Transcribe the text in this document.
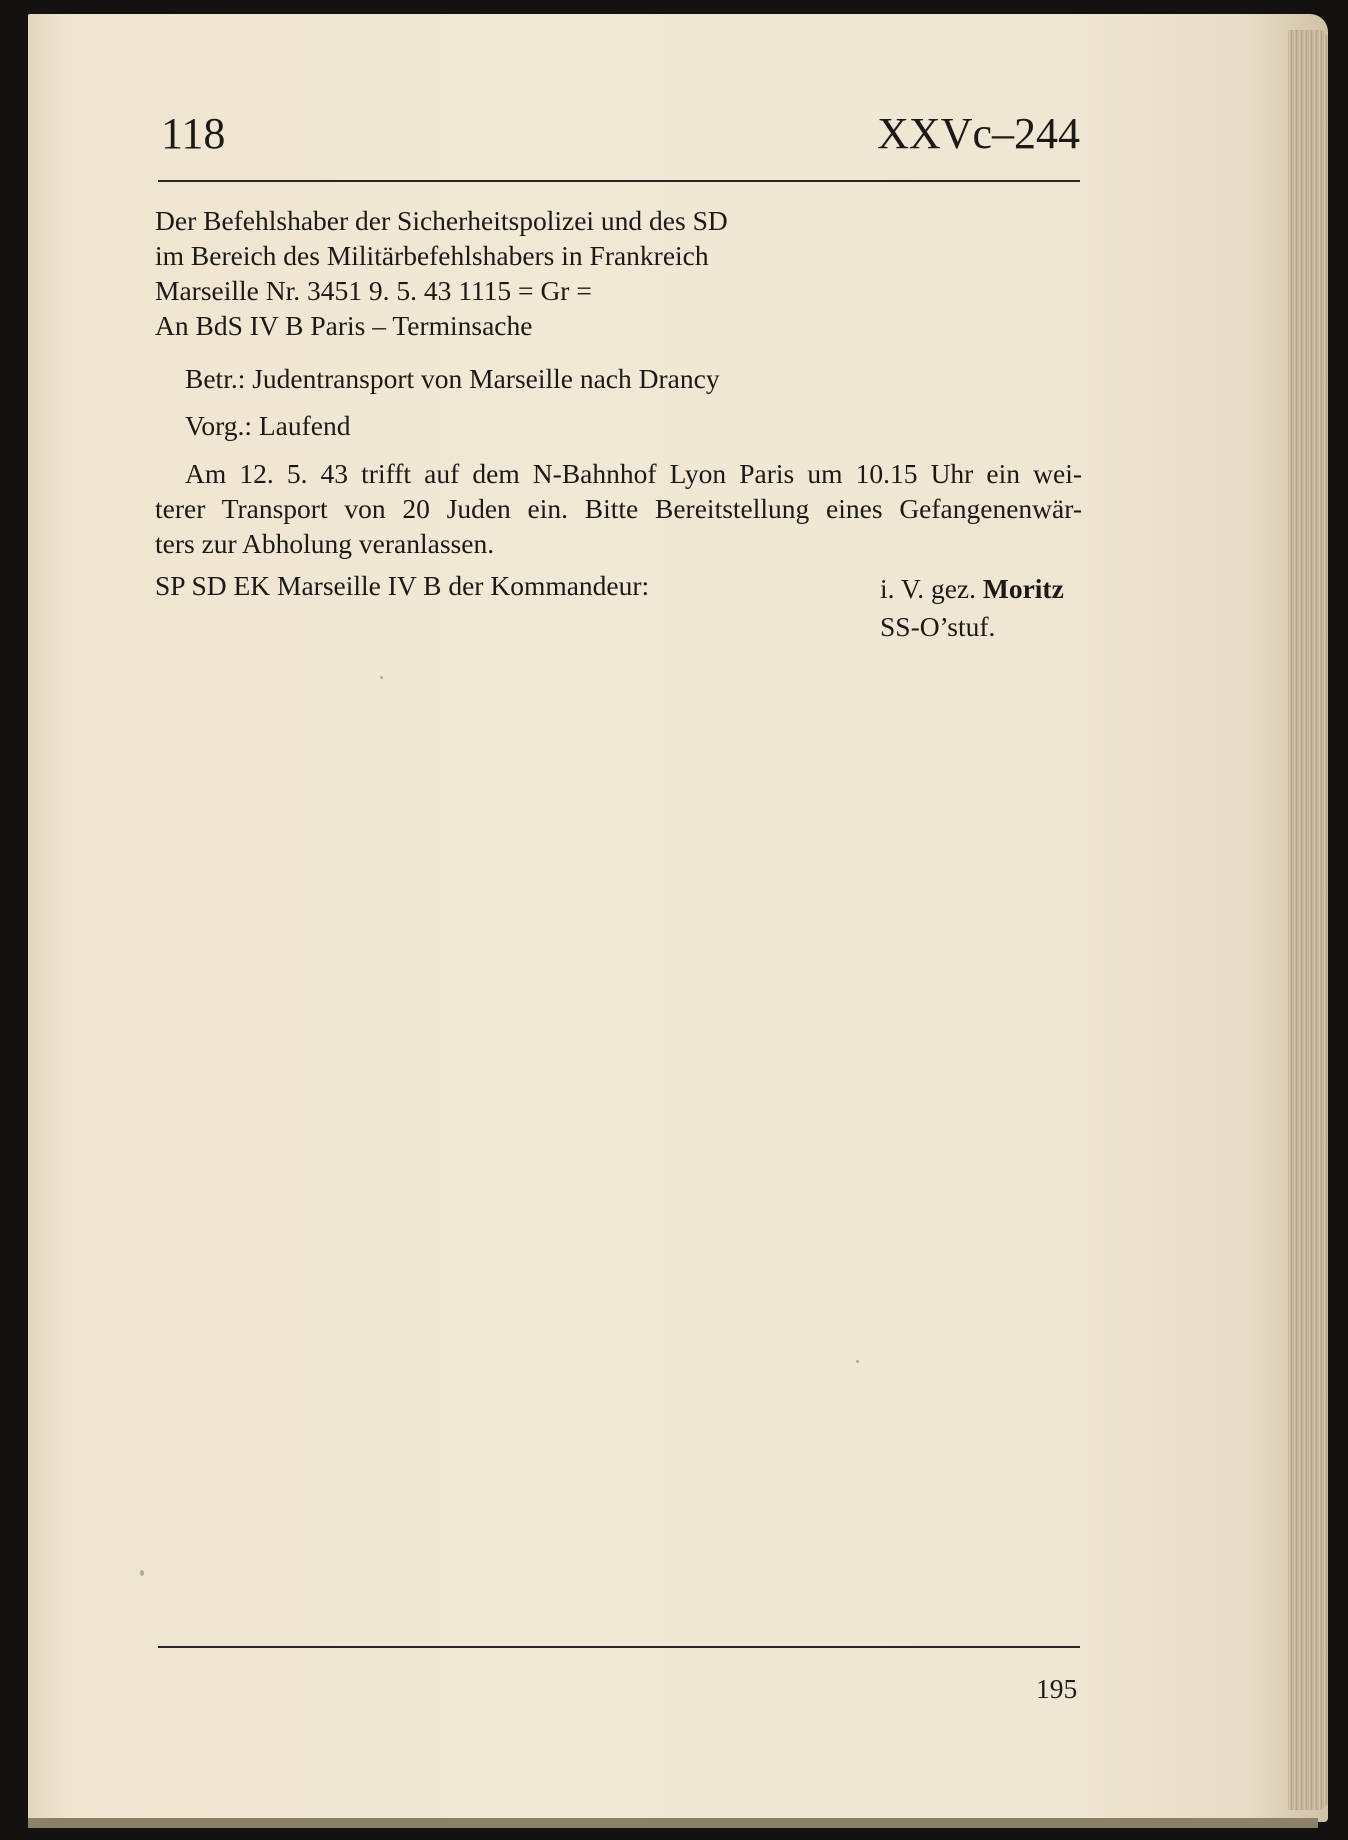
118	XXVc–244
Der Befehlshaber der Sicherheitspolizei und des SD
im Bereich des Militärbefehlshabers in Frankreich
Marseille Nr. 3451 9. 5. 43 1115 = Gr =
An BdS IV B Paris – Terminsache
Betr.: Judentransport von Marseille nach Drancy
Vorg.: Laufend
Am 12. 5. 43 trifft auf dem N-Bahnhof Lyon Paris um 10.15 Uhr ein wei-
terer Transport von 20 Juden ein. Bitte Bereitstellung eines Gefangenenwär-
ters zur Abholung veranlassen.
SP SD EK Marseille IV B der Kommandeur:	i. V. gez. Moritz
SS-O’stuf.
195
